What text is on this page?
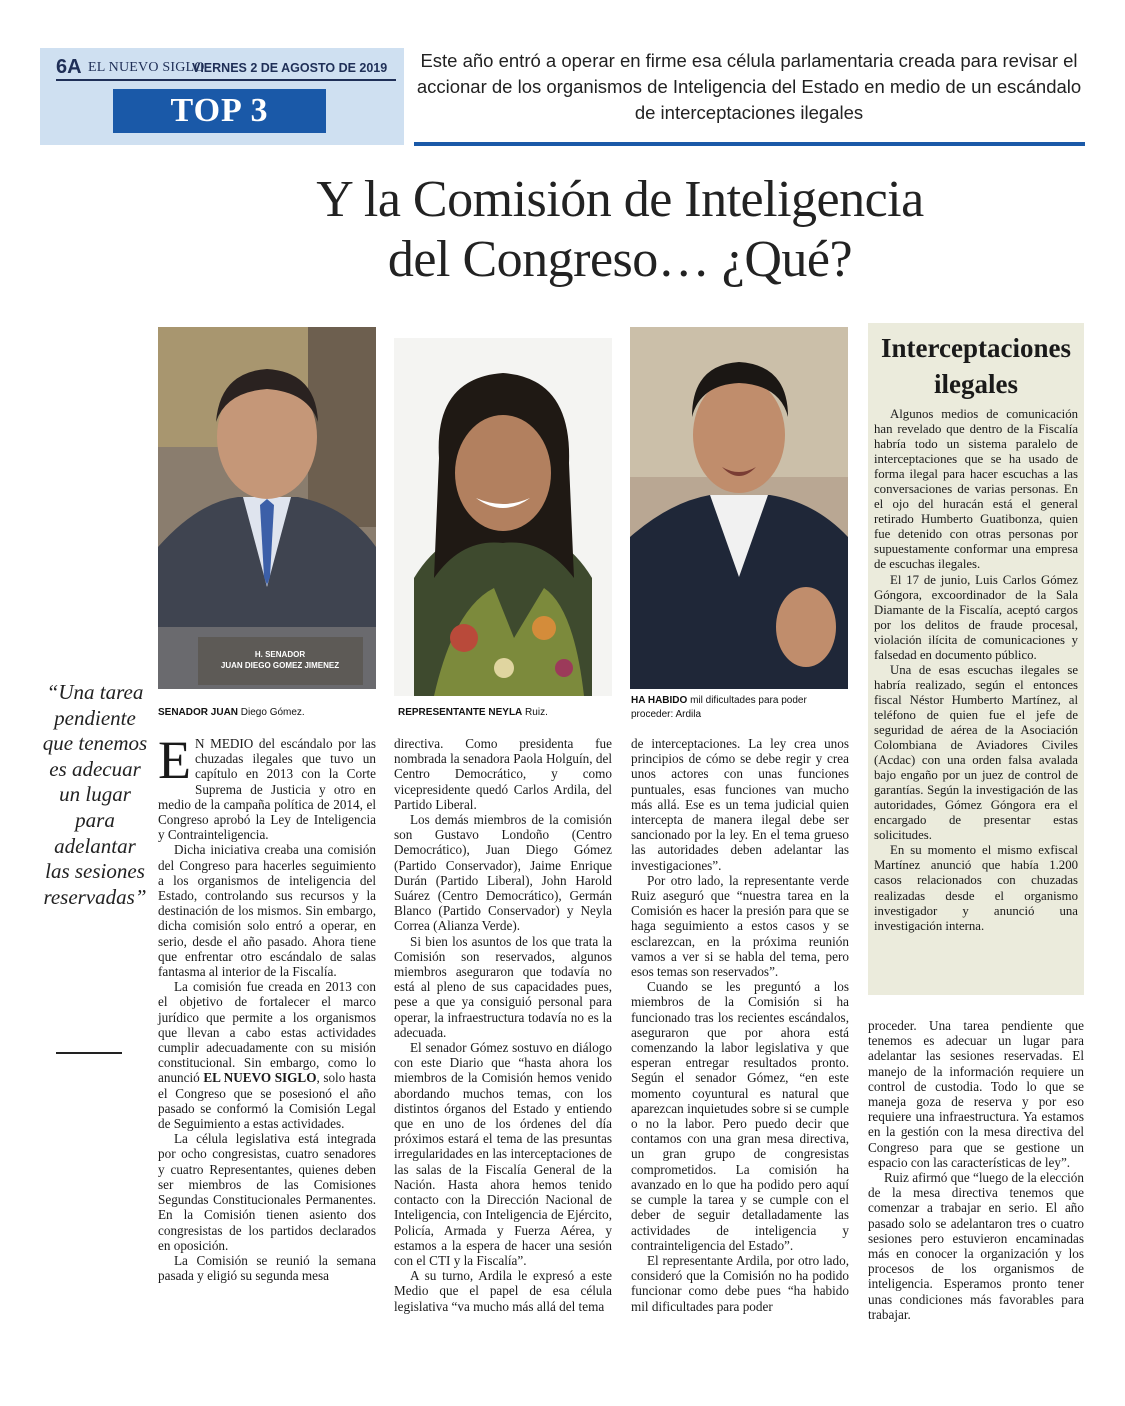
6A EL NUEVO SIGLO
VIERNES 2 DE AGOSTO DE 2019
TOP 3
Este año entró a operar en firme esa célula parlamentaria creada para revisar el accionar de los organismos de Inteligencia del Estado en medio de un escándalo de interceptaciones ilegales
Y la Comisión de Inteligencia
del Congreso… ¿Qué?
H. SENADOR
JUAN DIEGO GOMEZ JIMENEZ
SENADOR JUAN Diego Gómez.	REPRESENTANTE NEYLA Ruiz.
HA HABIDO mil dificultades para poder proceder: Ardila
Interceptaciones ilegales

Algunos medios de comunicación han revelado que dentro de la Fiscalía habría todo un sistema paralelo de interceptaciones que se ha usado de forma ilegal para hacer escuchas a las conversaciones de varias personas. En el ojo del huracán está el general retirado Humberto Guatibonza, quien fue detenido con otras personas por supuestamente conformar una empresa de escuchas ilegales.

El 17 de junio, Luis Carlos Gómez Góngora, excoordinador de la Sala Diamante de la Fiscalía, aceptó cargos por los delitos de fraude procesal, violación ilícita de comunicaciones y falsedad en documento público.

Una de esas escuchas ilegales se habría realizado, según el entonces fiscal Néstor Humberto Martínez, al teléfono de quien fue el jefe de seguridad de aérea de la Asociación Colombiana de Aviadores Civiles (Acdac) con una orden falsa avalada bajo engaño por un juez de control de garantías. Según la investigación de las autoridades, Gómez Góngora era el encargado de presentar estas solicitudes.

En su momento el mismo exfiscal Martínez anunció que había 1.200 casos relacionados con chuzadas realizadas desde el organismo investigador y anunció una investigación interna.

“Una tarea pendiente que tenemos es adecuar un lugar para adelantar las sesiones reservadas”

E N MEDIO del escándalo por las chuzadas ilegales que tuvo un capítulo en 2013 con la Corte Suprema de Justicia y otro en medio de la campaña política de 2014, el Congreso aprobó la Ley de Inteligencia y Contrainteligencia.

Dicha iniciativa creaba una comisión del Congreso para hacerles seguimiento a los organismos de inteligencia del Estado, controlando sus recursos y la destinación de los mismos. Sin embargo, dicha comisión solo entró a operar, en serio, desde el año pasado. Ahora tiene que enfrentar otro escándalo de salas fantasma al interior de la Fiscalía.

La comisión fue creada en 2013 con el objetivo de fortalecer el marco jurídico que permite a los organismos que llevan a cabo estas actividades cumplir adecuadamente con su misión constitucional. Sin embargo, como lo anunció EL NUEVO SIGLO, solo hasta el Congreso que se posesionó el año pasado se conformó la Comisión Legal de Seguimiento a estas actividades.

La célula legislativa está integrada por ocho congresistas, cuatro senadores y cuatro Representantes, quienes deben ser miembros de las Comisiones Segundas Constitucionales Permanentes. En la Comisión tienen asiento dos congresistas de los partidos declarados en oposición.

La Comisión se reunió la semana pasada y eligió su segunda mesa

directiva. Como presidenta fue nombrada la senadora Paola Holguín, del Centro Democrático, y como vicepresidente quedó Carlos Ardila, del Partido Liberal.

Los demás miembros de la comisión son Gustavo Londoño (Centro Democrático), Juan Diego Gómez (Partido Conservador), Jaime Enrique Durán (Partido Liberal), John Harold Suárez (Centro Democrático), Germán Blanco (Partido Conservador) y Neyla Correa (Alianza Verde).

Si bien los asuntos de los que trata la Comisión son reservados, algunos miembros aseguraron que todavía no está al pleno de sus capacidades pues, pese a que ya consiguió personal para operar, la infraestructura todavía no es la adecuada.

El senador Gómez sostuvo en diálogo con este Diario que “hasta ahora los miembros de la Comisión hemos venido abordando muchos temas, con los distintos órganos del Estado y entiendo que en uno de los órdenes del día próximos estará el tema de las presuntas irregularidades en las interceptaciones de las salas de la Fiscalía General de la Nación. Hasta ahora hemos tenido contacto con la Dirección Nacional de Inteligencia, con Inteligencia de Ejército, Policía, Armada y Fuerza Aérea, y estamos a la espera de hacer una sesión con el CTI y la Fiscalía”.

A su turno, Ardila le expresó a este Medio que el papel de esa célula legislativa “va mucho más allá del tema

de interceptaciones. La ley crea unos principios de cómo se debe regir y crea unos actores con unas funciones puntuales, esas funciones van mucho más allá. Ese es un tema judicial quien intercepta de manera ilegal debe ser sancionado por la ley. En el tema grueso las autoridades deben adelantar las investigaciones”.

Por otro lado, la representante verde Ruiz aseguró que “nuestra tarea en la Comisión es hacer la presión para que se haga seguimiento a estos casos y se esclarezcan, en la próxima reunión vamos a ver si se habla del tema, pero esos temas son reservados”.

Cuando se les preguntó a los miembros de la Comisión si ha funcionado tras los recientes escándalos, aseguraron que por ahora está comenzando la labor legislativa y que esperan entregar resultados pronto. Según el senador Gómez, “en este momento coyuntural es natural que aparezcan inquietudes sobre si se cumple o no la labor. Pero puedo decir que contamos con una gran mesa directiva, un gran grupo de congresistas comprometidos. La comisión ha avanzado en lo que ha podido pero aquí se cumple la tarea y se cumple con el deber de seguir detalladamente las actividades de inteligencia y contrainteligencia del Estado”.

El representante Ardila, por otro lado, consideró que la Comisión no ha podido funcionar como debe pues “ha habido mil dificultades para poder

proceder. Una tarea pendiente que tenemos es adecuar un lugar para adelantar las sesiones reservadas. El manejo de la información requiere un control de custodia. Todo lo que se maneja goza de reserva y por eso requiere una infraestructura. Ya estamos en la gestión con la mesa directiva del Congreso para que se gestione un espacio con las características de ley”.

Ruiz afirmó que “luego de la elección de la mesa directiva tenemos que comenzar a trabajar en serio. El año pasado solo se adelantaron tres o cuatro sesiones pero estuvieron encaminadas más en conocer la organización y los procesos de los organismos de inteligencia. Esperamos pronto tener unas condiciones más favorables para trabajar.
